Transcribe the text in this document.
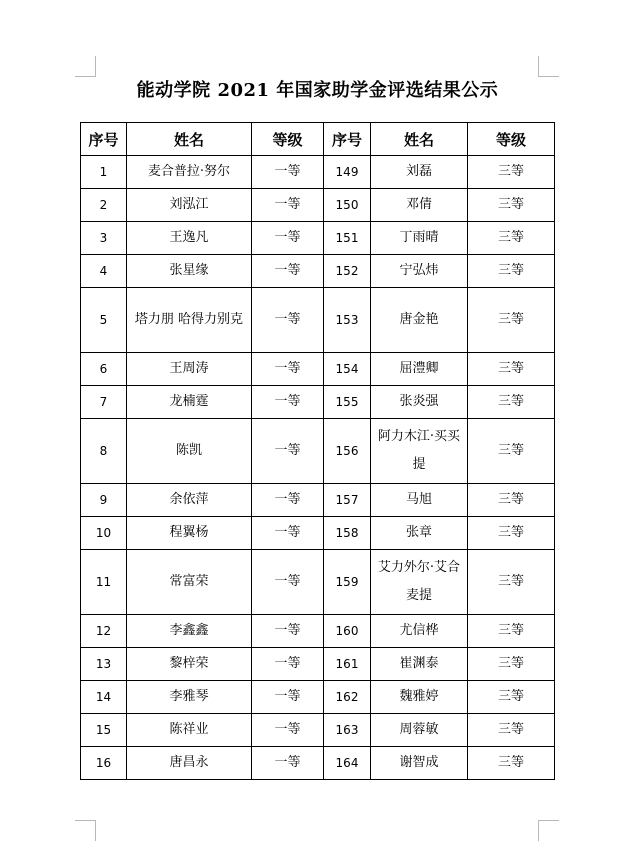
能动学院 2021 年国家助学金评选结果公示
序号	姓名	等级	序号	姓名	等级
1	麦合普拉·努尔	一等	149	刘磊	三等
2	刘泓江	一等	150	邓倩	三等
3	王逸凡	一等	151	丁雨晴	三等
4	张星缘	一等	152	宁弘炜	三等
5	塔力朋 哈得力别克	一等	153	唐金艳	三等
6	王周涛	一等	154	屈澧卿	三等
7	龙楠霆	一等	155	张炎强	三等
8	陈凯	一等	156	阿力木江·买买提	三等
9	余依萍	一等	157	马旭	三等
10	程翼杨	一等	158	张章	三等
11	常富荣	一等	159	艾力外尔·艾合麦提	三等
12	李鑫鑫	一等	160	尤信桦	三等
13	黎梓荣	一等	161	崔渊泰	三等
14	李雅琴	一等	162	魏雅婷	三等
15	陈祥业	一等	163	周蓉敏	三等
16	唐昌永	一等	164	谢智成	三等
